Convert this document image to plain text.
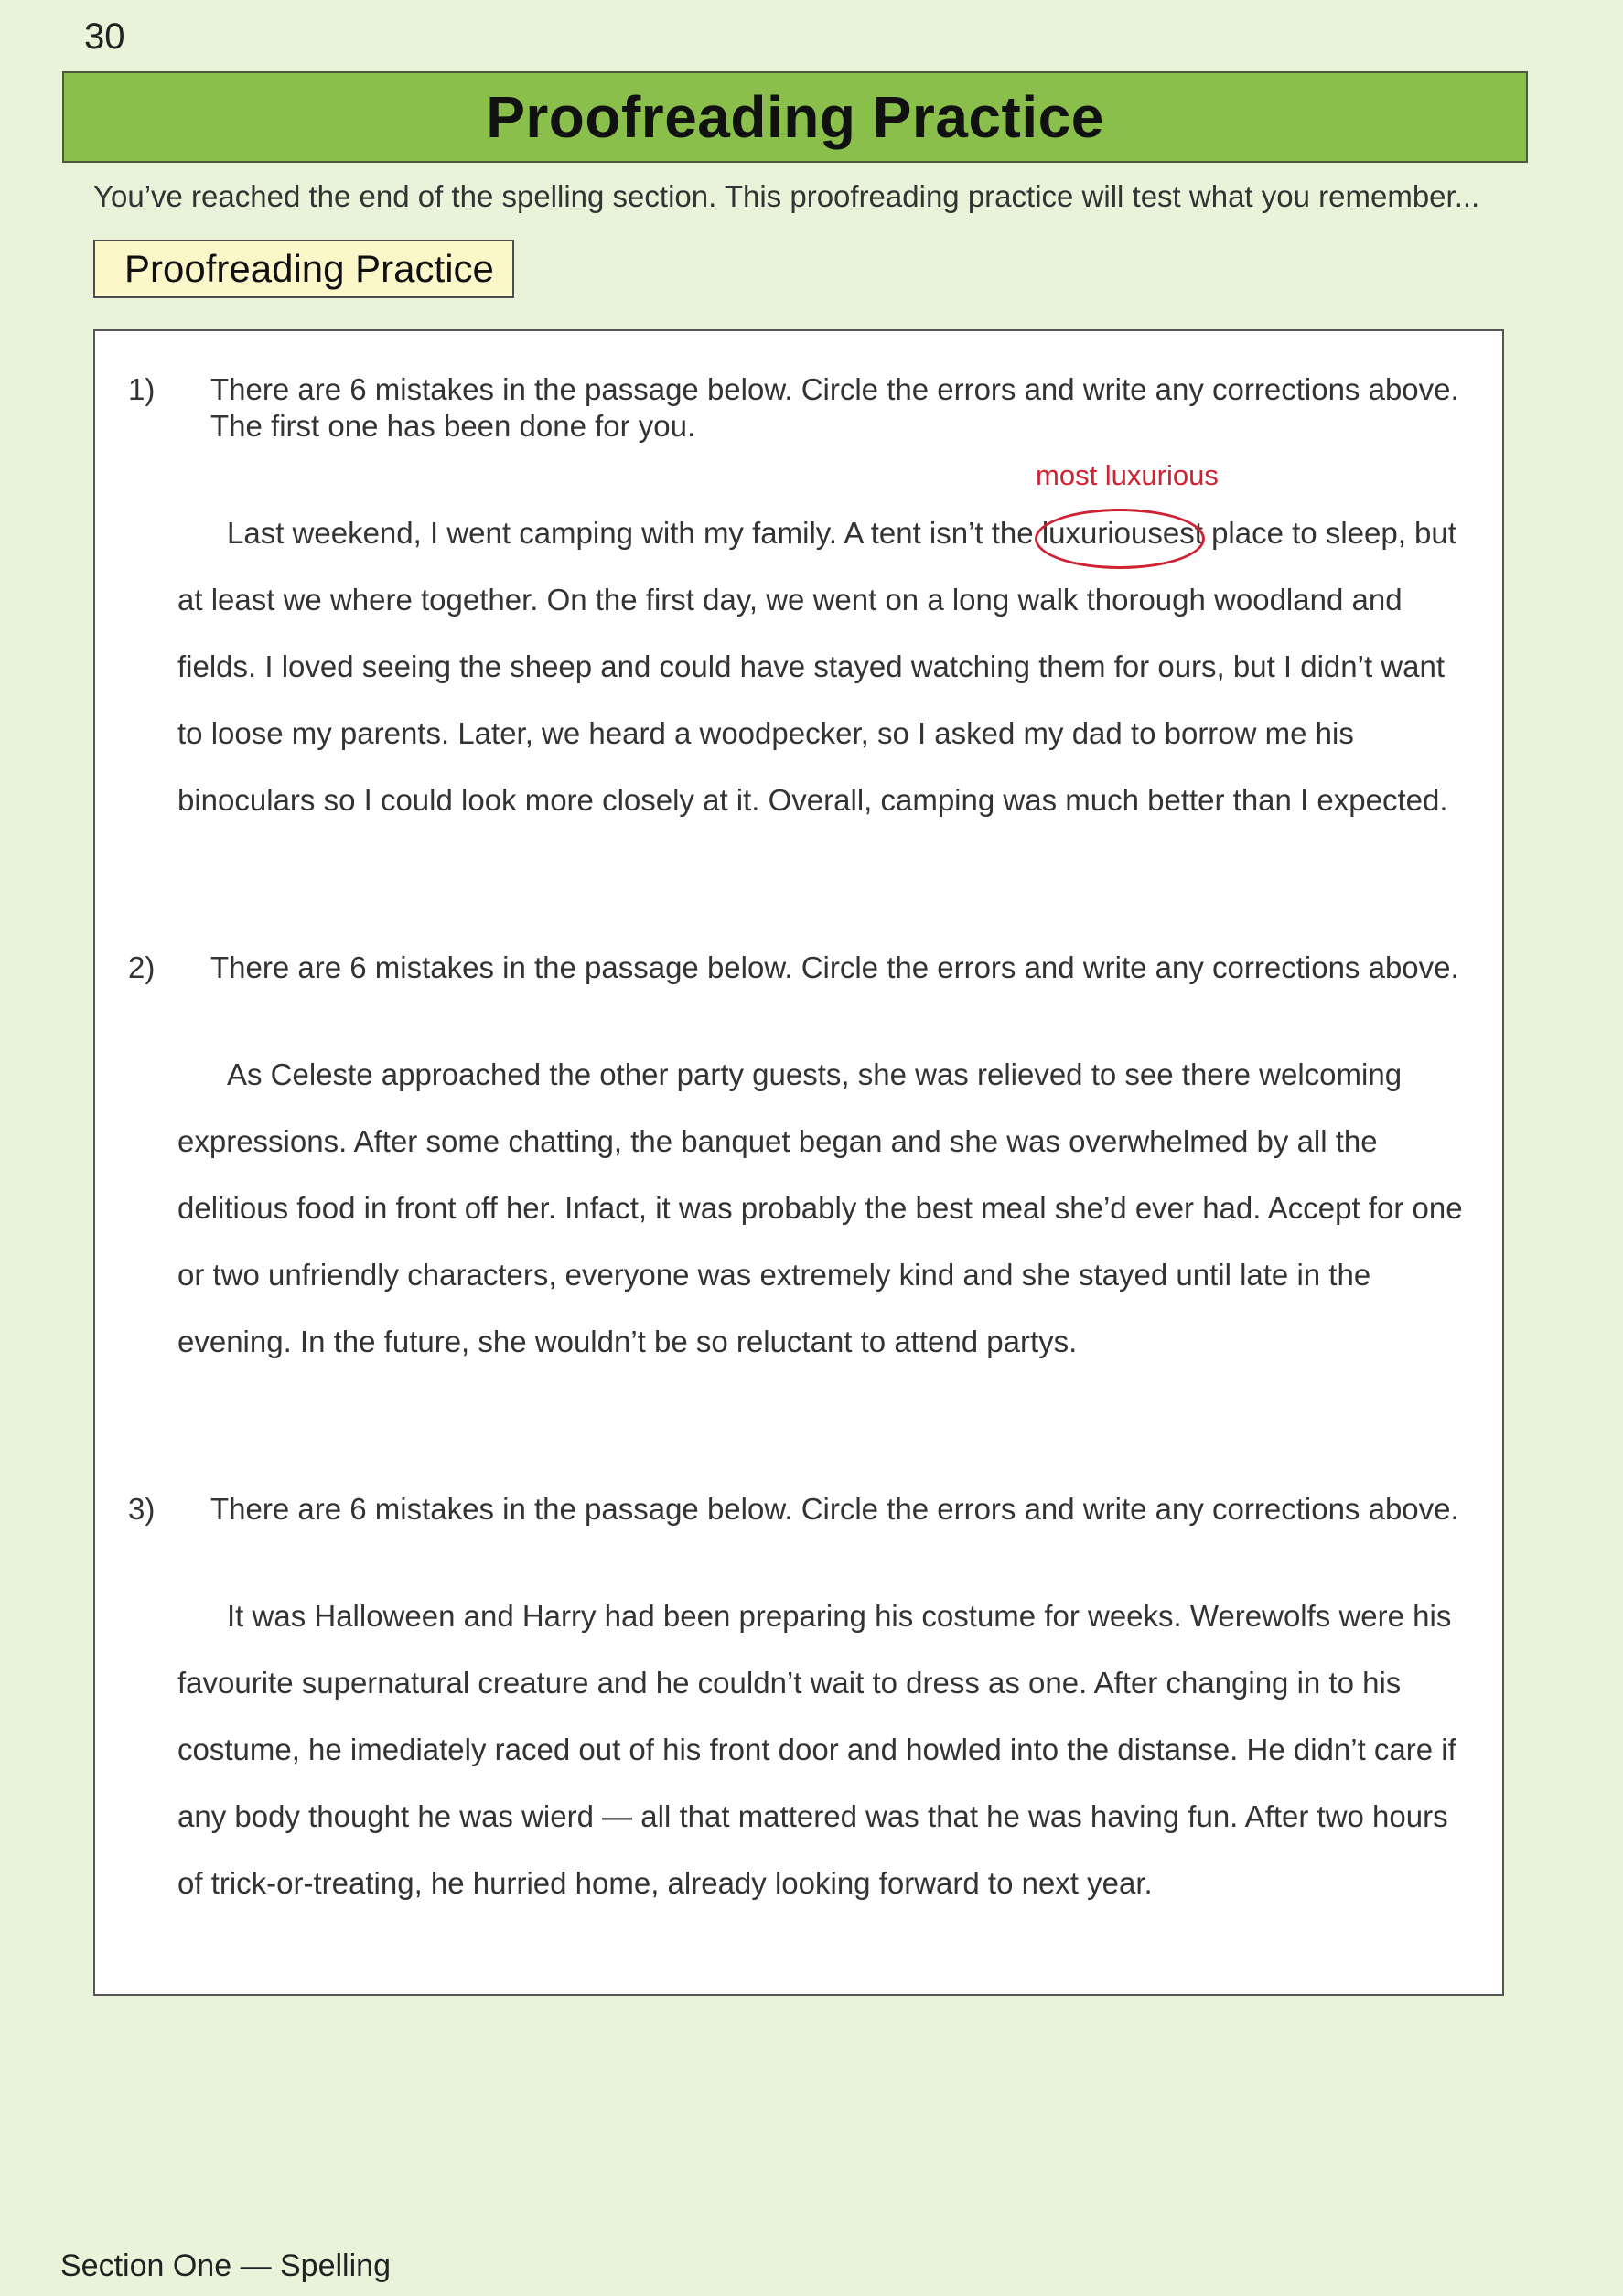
30
Proofreading Practice
You’ve reached the end of the spelling section. This proofreading practice will test what you remember...
Proofreading Practice
1)	There are 6 mistakes in the passage below. Circle the errors and write any corrections above.
The first one has been done for you.
most luxurious

Last weekend, I went camping with my family. A tent isn’t the luxuriousest
place to sleep, but at least we where together. On the first day, we went on a long walk thorough woodland and fields. I loved seeing the sheep and could have stayed watching them for ours, but I didn’t want to loose my parents. Later, we heard a woodpecker, so I asked my dad to borrow me his binoculars so I could look more closely at it. Overall, camping was much better than I expected.

2)	There are 6 mistakes in the passage below. Circle the errors and write any corrections above.

As Celeste approached the other party guests, she was relieved to see there welcoming expressions. After some chatting, the banquet began and she was overwhelmed by all the delitious food in front off her. Infact, it was probably the best meal she’d ever had. Accept for one or two unfriendly characters, everyone was extremely kind and she stayed until late in the evening. In the future, she wouldn’t be so reluctant to attend partys.

3)	There are 6 mistakes in the passage below. Circle the errors and write any corrections above.

It was Halloween and Harry had been preparing his costume for weeks. Werewolfs were his favourite supernatural creature and he couldn’t wait to dress as one. After changing in to his costume, he imediately raced out of his front door and howled into the distanse. He didn’t care if any body thought he was wierd — all that mattered was that he was having fun. After two hours of trick-or-treating, he hurried home, already looking forward to next year.

Section One — Spelling
